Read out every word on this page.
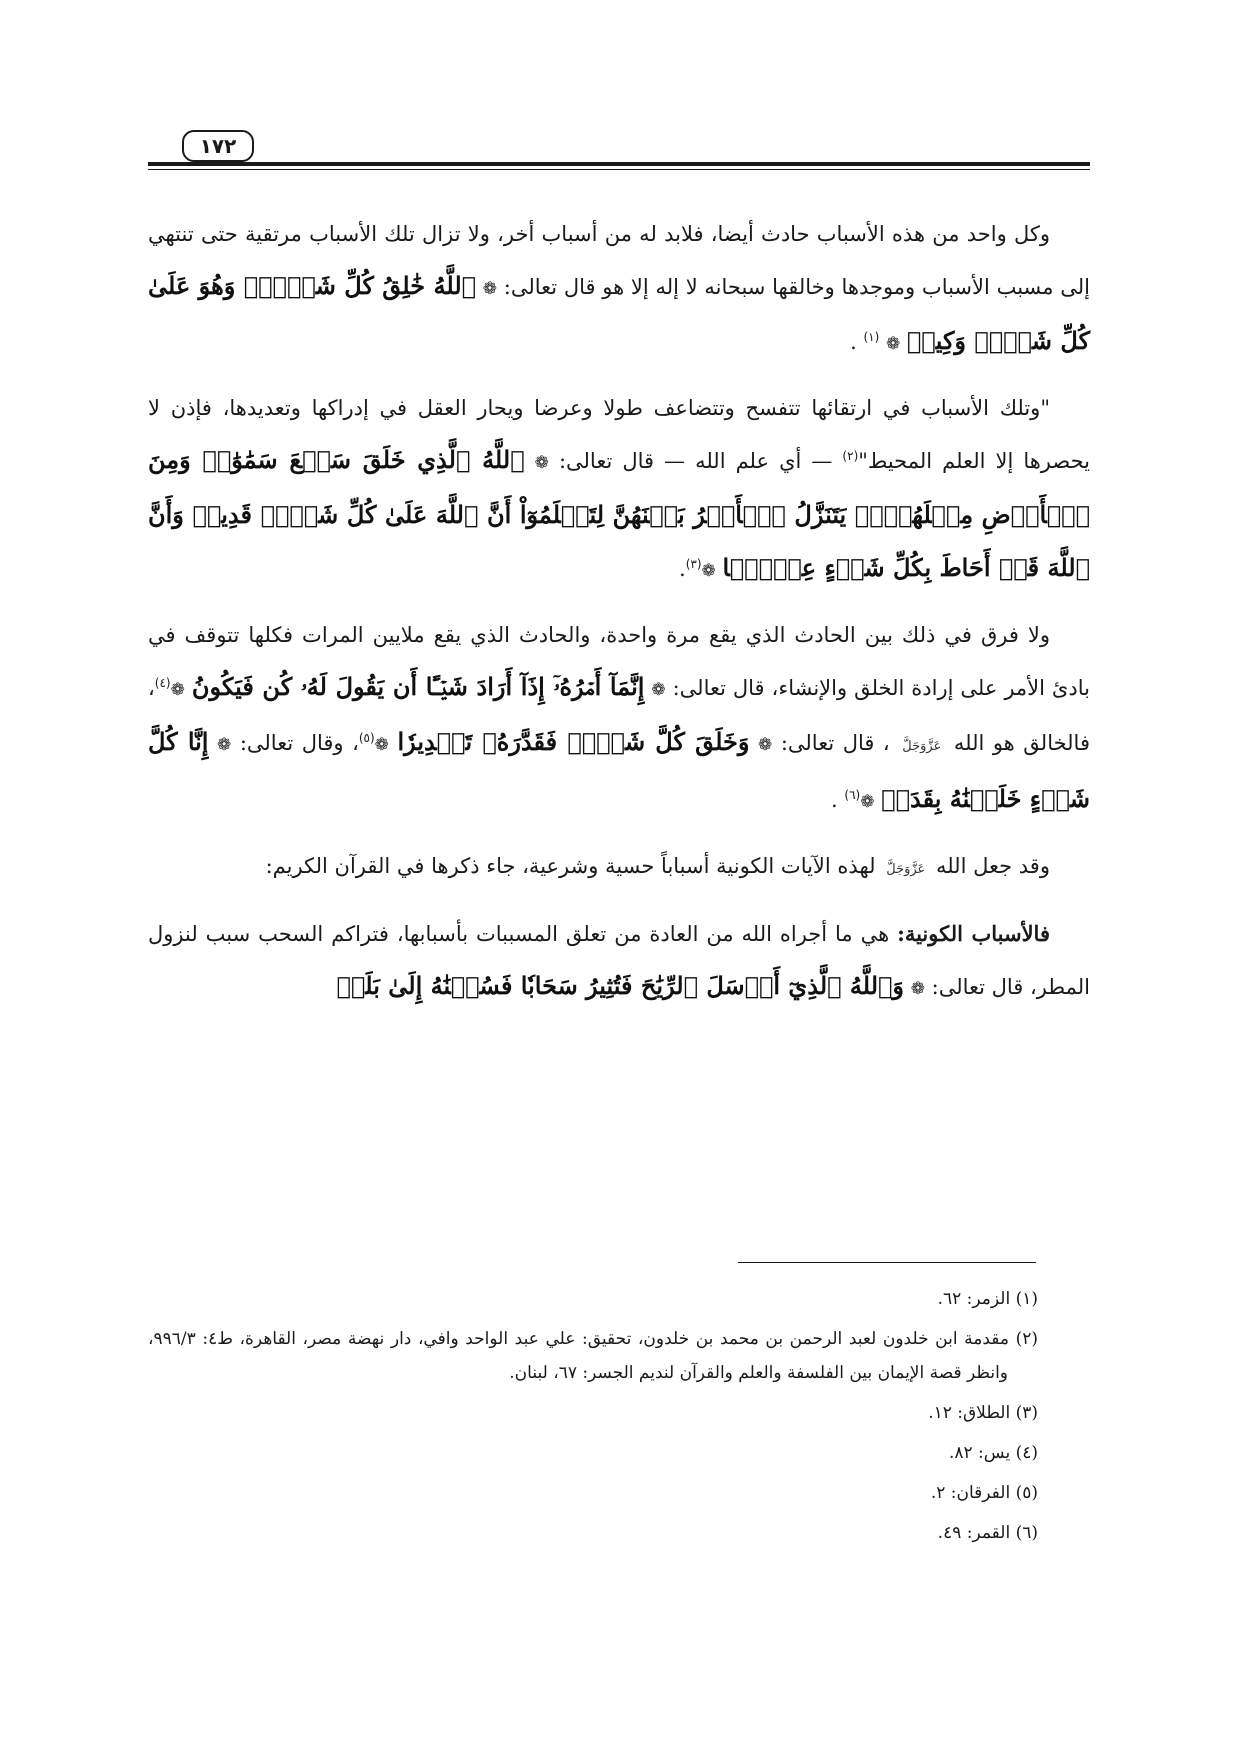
١٧٢

وكل واحد من هذه الأسباب حادث أيضا، فلابد له من أسباب أخر، ولا تزال تلك الأسباب مرتقية حتى تنتهي إلى مسبب الأسباب وموجدها وخالقها سبحانه لا إله إلا هو قال تعالى: ❁ ٱللَّهُ خَٰلِقُ كُلِّ شَيۡءٖۖ وَهُوَ عَلَىٰ كُلِّ شَيۡءٖ وَكِيلٞ ❁ $^{(١)}$ .

"وتلك الأسباب في ارتقائها تتفسح وتتضاعف طولا وعرضا ويحار العقل في إدراكها وتعديدها، فإذن لا يحصرها إلا العلم المحيط"$^{(٢)}$ — أي علم الله — قال تعالى: ❁ ٱللَّهُ ٱلَّذِي خَلَقَ سَبۡعَ سَمَٰوَٰتٖ وَمِنَ ٱلۡأَرۡضِ مِثۡلَهُنَّۖ يَتَنَزَّلُ ٱلۡأَمۡرُ بَيۡنَهُنَّ لِتَعۡلَمُوٓاْ أَنَّ ٱللَّهَ عَلَىٰ كُلِّ شَيۡءٖ قَدِيرٞ وَأَنَّ ٱللَّهَ قَدۡ أَحَاطَ بِكُلِّ شَيۡءٍ عِلۡمَۢا ❁$^{(٣)}$.

ولا فرق في ذلك بين الحادث الذي يقع مرة واحدة، والحادث الذي يقع ملايين المرات فكلها تتوقف في بادئ الأمر على إرادة الخلق والإنشاء، قال تعالى: ❁ إِنَّمَآ أَمۡرُهُۥٓ إِذَآ أَرَادَ شَيۡـًٔا أَن يَقُولَ لَهُۥ كُن فَيَكُونُ ❁$^{(٤)}$، فالخالق هو الله عَزَّوَجَلَّ ، قال تعالى: ❁ وَخَلَقَ كُلَّ شَيۡءٖ فَقَدَّرَهُۥ تَقۡدِيرٗا ❁$^{(٥)}$، وقال تعالى: ❁ إِنَّا كُلَّ شَيۡءٍ خَلَقۡنَٰهُ بِقَدَرٖ ❁$^{(٦)}$ .

وقد جعل الله عَزَّوَجَلَّ لهذه الآيات الكونية أسباباً حسية وشرعية، جاء ذكرها في القرآن الكريم:

فالأسباب الكونية: هي ما أجراه الله من العادة من تعلق المسببات بأسبابها، فتراكم السحب سبب لنزول المطر، قال تعالى: ❁ وَٱللَّهُ ٱلَّذِيٓ أَرۡسَلَ ٱلرِّيَٰحَ فَتُثِيرُ سَحَابٗا فَسُقۡنَٰهُ إِلَىٰ بَلَدٖ

(١) الزمر: ٦٢.

(٢) مقدمة ابن خلدون لعبد الرحمن بن محمد بن خلدون، تحقيق: علي عبد الواحد وافي، دار نهضة مصر، القاهرة، ط٤: ٩٩٦/٣، وانظر قصة الإيمان بين الفلسفة والعلم والقرآن لنديم الجسر: ٦٧، لبنان.

(٣) الطلاق: ١٢.

(٤) يس: ٨٢.

(٥) الفرقان: ٢.

(٦) القمر: ٤٩.
